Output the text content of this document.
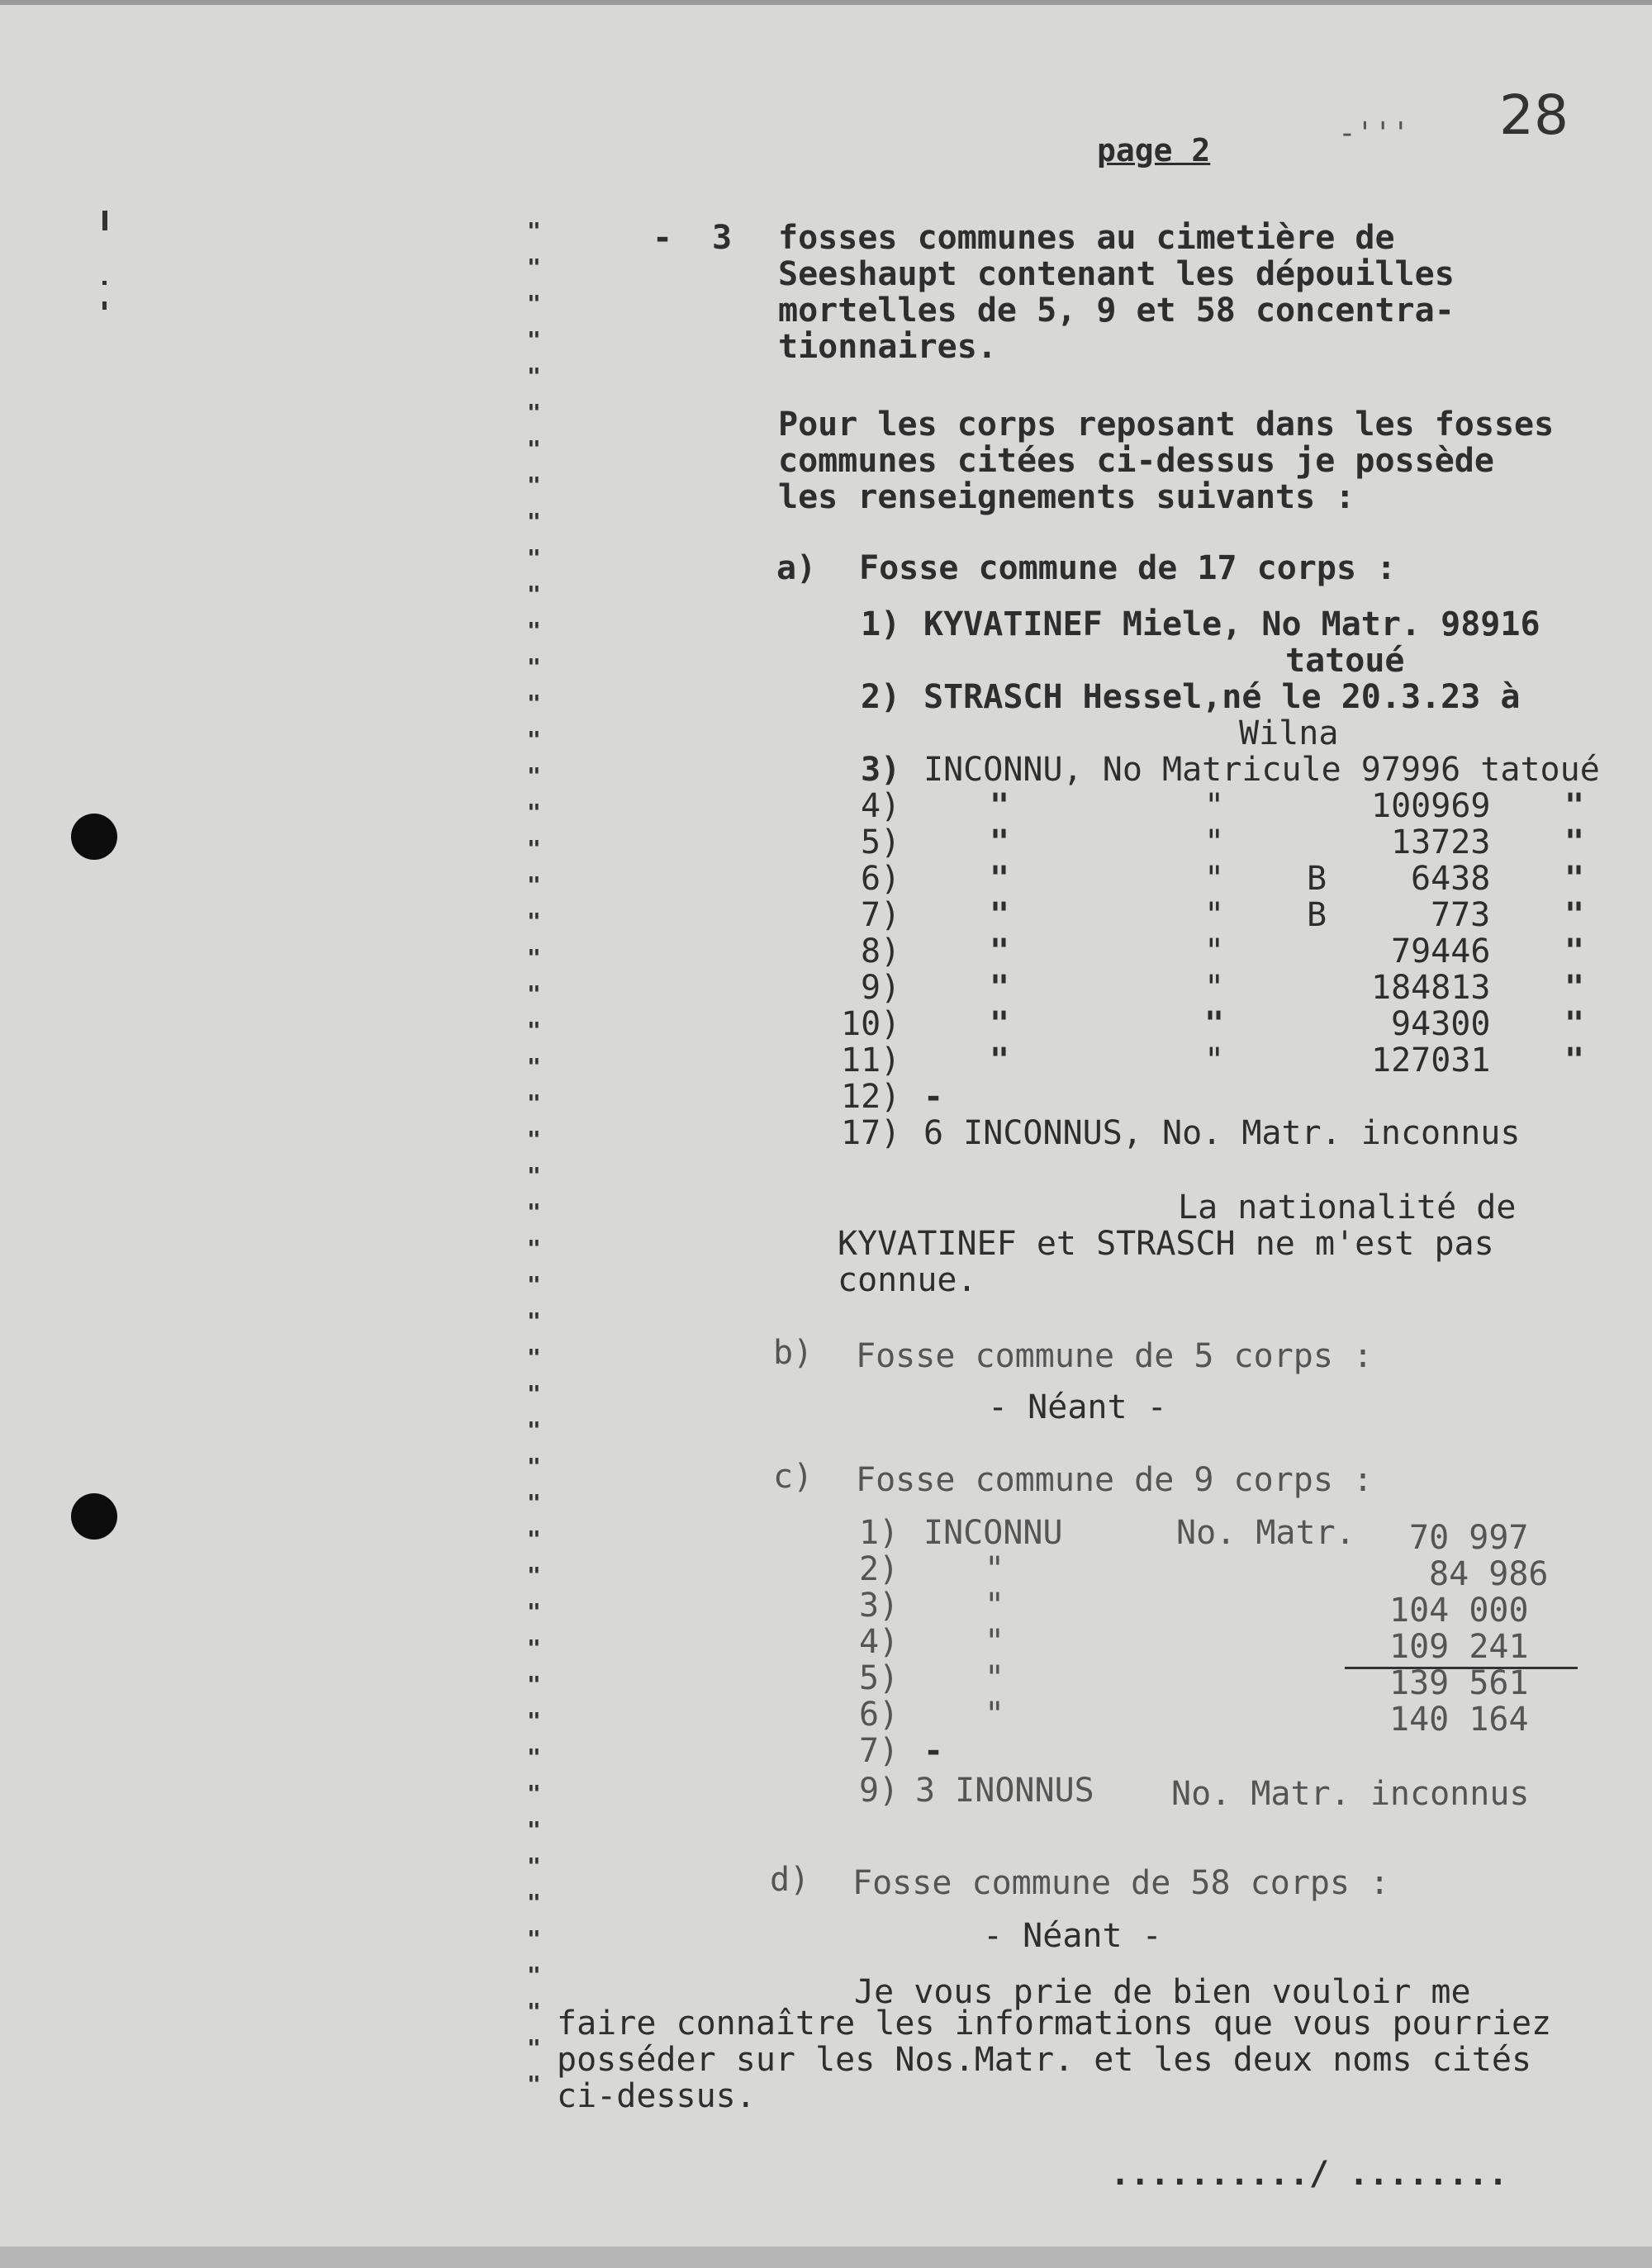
page 2	-''' 28
- 3 fosses communes au cimetière de
Seeshaupt contenant les dépouilles
mortelles de 5, 9 et 58 concentra-
tionnaires.
Pour les corps reposant dans les fosses
communes citées ci-dessus je possède
les renseignements suivants :
a) Fosse commune de 17 corps :
1) KYVATINEF Miele, No Matr. 98916
tatoué
2) STRASCH Hessel,né le 20.3.23 à
Wilna
3) INCONNU, No Matricule 97996 tatoué
4)	"	"	100969 "
5)	"	"	13723 "
6)	"	" B	6438 "
7)	"	" B	773 "
8)	"	"	79446 "
9)	"	"	184813 "
10)	"	"	94300 "
11)	"	"	127031 "
12) -
17) 6 INCONNUS, No. Matr. inconnus
La nationalité de
KYVATINEF et STRASCH ne m'est pas
connue.
b) Fosse commune de 5 corps :
- Néant -
c) Fosse commune de 9 corps :
1) INCONNU	No. Matr. 70 997
2)	"	84 986
3)	"	104 000
4)	"	109 241
5)	"	139 561
6)	"	140 164
7) -
9) 3 INONNUS No. Matr. inconnus
d) Fosse commune de 58 corps :
- Néant -
Je vous prie de bien vouloir me
faire connaître les informations que vous pourriez
posséder sur les Nos.Matr. et les deux noms cités
ci-dessus.
........../ ........
"
"
"
"
"
"
"
"
"
"
"
"
"
"
"
"
"
"
"
"
"
"
"
"
"
"
"
"
"
"
"
"
"
"
"
"
"
"
"
"
"
"
"
"
"
"
"
"
"
"
"
"
